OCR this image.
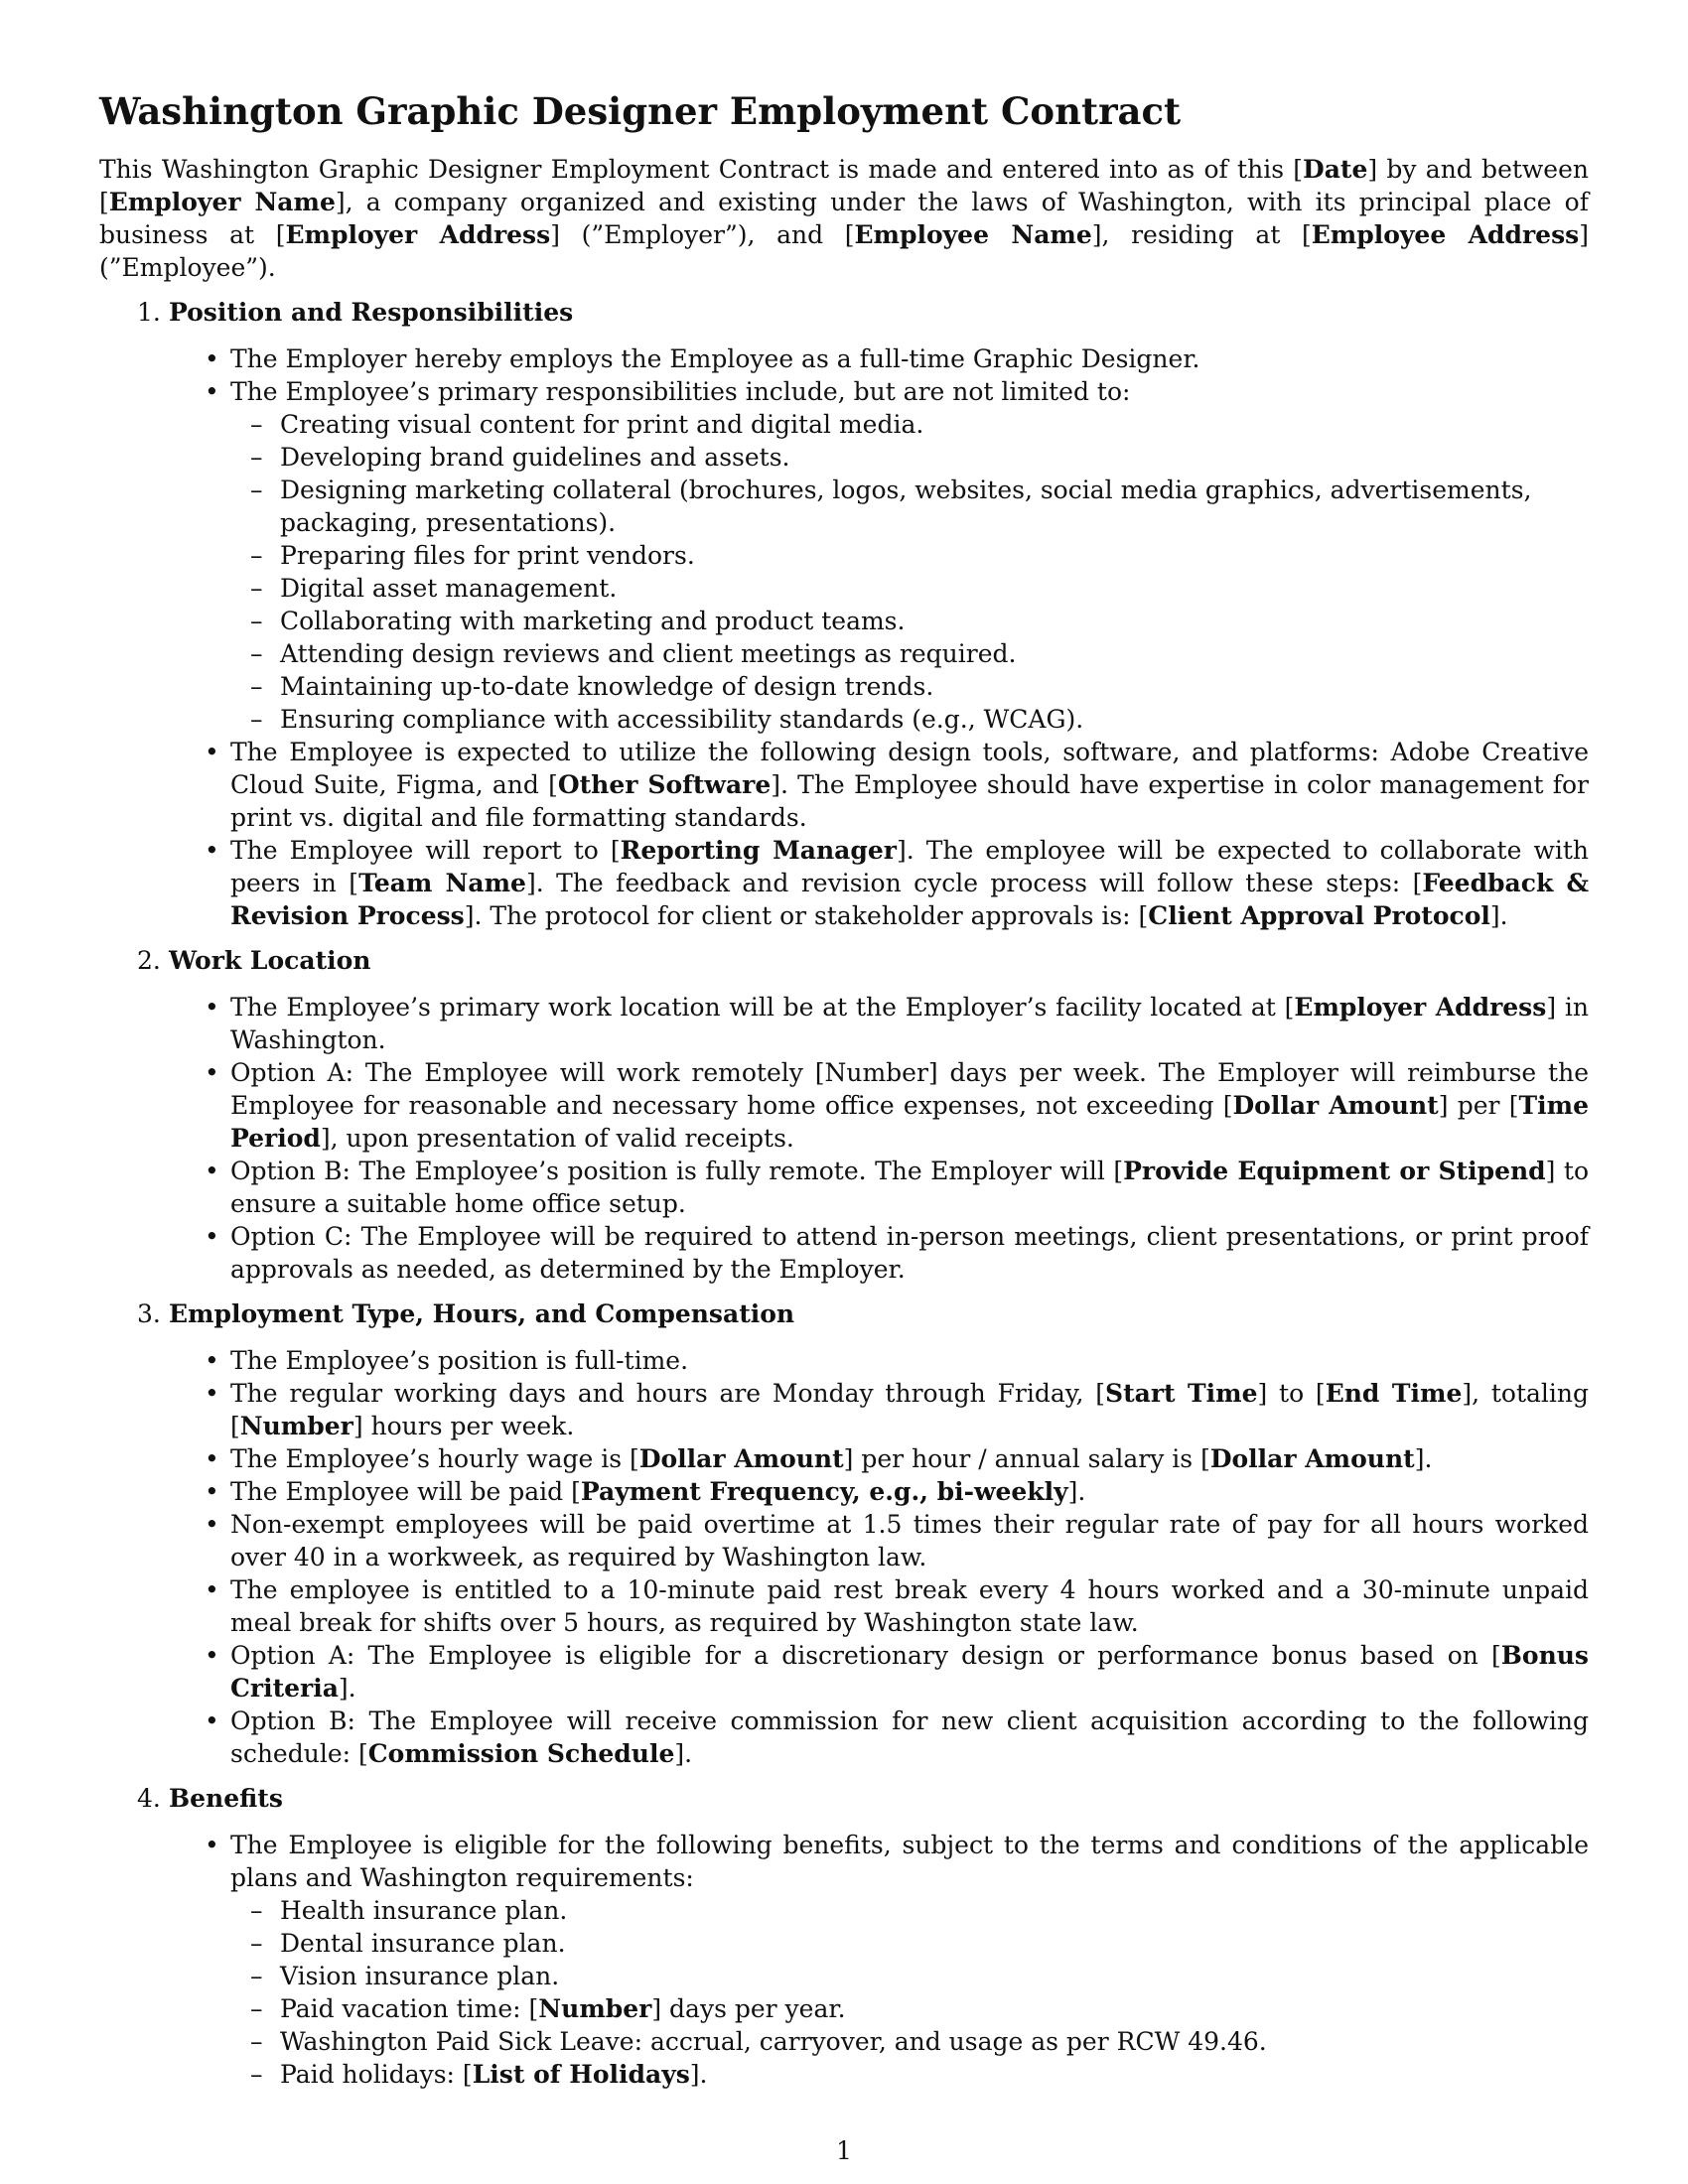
Washington Graphic Designer Employment Contract

This Washington Graphic Designer Employment Contract is made and entered into as of this [Date] by and between [Employer Name], a company organized and existing under the laws of Washington, with its principal place of business at [Employer Address] (”Employer”), and [Employee Name], residing at [Employee Address] (”Employee”).

1. Position and Responsibilities
• The Employer hereby employs the Employee as a full-time Graphic Designer.
• The Employee’s primary responsibilities include, but are not limited to:
– Creating visual content for print and digital media.
– Developing brand guidelines and assets.
– Designing marketing collateral (brochures, logos, websites, social media graphics, advertisements, packaging, presentations).
– Preparing files for print vendors.
– Digital asset management.
– Collaborating with marketing and product teams.
– Attending design reviews and client meetings as required.
– Maintaining up-to-date knowledge of design trends.
– Ensuring compliance with accessibility standards (e.g., WCAG).
• The Employee is expected to utilize the following design tools, software, and platforms: Adobe Creative Cloud Suite, Figma, and [Other Software]. The Employee should have expertise in color management for print vs. digital and file formatting standards.
• The Employee will report to [Reporting Manager]. The employee will be expected to collaborate with peers in [Team Name]. The feedback and revision cycle process will follow these steps: [Feedback & Revision Process]. The protocol for client or stakeholder approvals is: [Client Approval Protocol].
2. Work Location
• The Employee’s primary work location will be at the Employer’s facility located at [Employer Address] in Washington.
• Option A: The Employee will work remotely [Number] days per week. The Employer will reimburse the Employee for reasonable and necessary home office expenses, not exceeding [Dollar Amount] per [Time Period], upon presentation of valid receipts.
• Option B: The Employee’s position is fully remote. The Employer will [Provide Equipment or Stipend] to ensure a suitable home office setup.
• Option C: The Employee will be required to attend in-person meetings, client presentations, or print proof approvals as needed, as determined by the Employer.
3. Employment Type, Hours, and Compensation
• The Employee’s position is full-time.
• The regular working days and hours are Monday through Friday, [Start Time] to [End Time], totaling [Number] hours per week.
• The Employee’s hourly wage is [Dollar Amount] per hour / annual salary is [Dollar Amount].
• The Employee will be paid [Payment Frequency, e.g., bi-weekly].
• Non-exempt employees will be paid overtime at 1.5 times their regular rate of pay for all hours worked over 40 in a workweek, as required by Washington law.
• The employee is entitled to a 10-minute paid rest break every 4 hours worked and a 30-minute unpaid meal break for shifts over 5 hours, as required by Washington state law.
• Option A: The Employee is eligible for a discretionary design or performance bonus based on [Bonus Criteria].
• Option B: The Employee will receive commission for new client acquisition according to the following schedule: [Commission Schedule].
4. Benefits
• The Employee is eligible for the following benefits, subject to the terms and conditions of the applicable plans and Washington requirements:
– Health insurance plan.
– Dental insurance plan.
– Vision insurance plan.
– Paid vacation time: [Number] days per year.
– Washington Paid Sick Leave: accrual, carryover, and usage as per RCW 49.46.
– Paid holidays: [List of Holidays].
1
